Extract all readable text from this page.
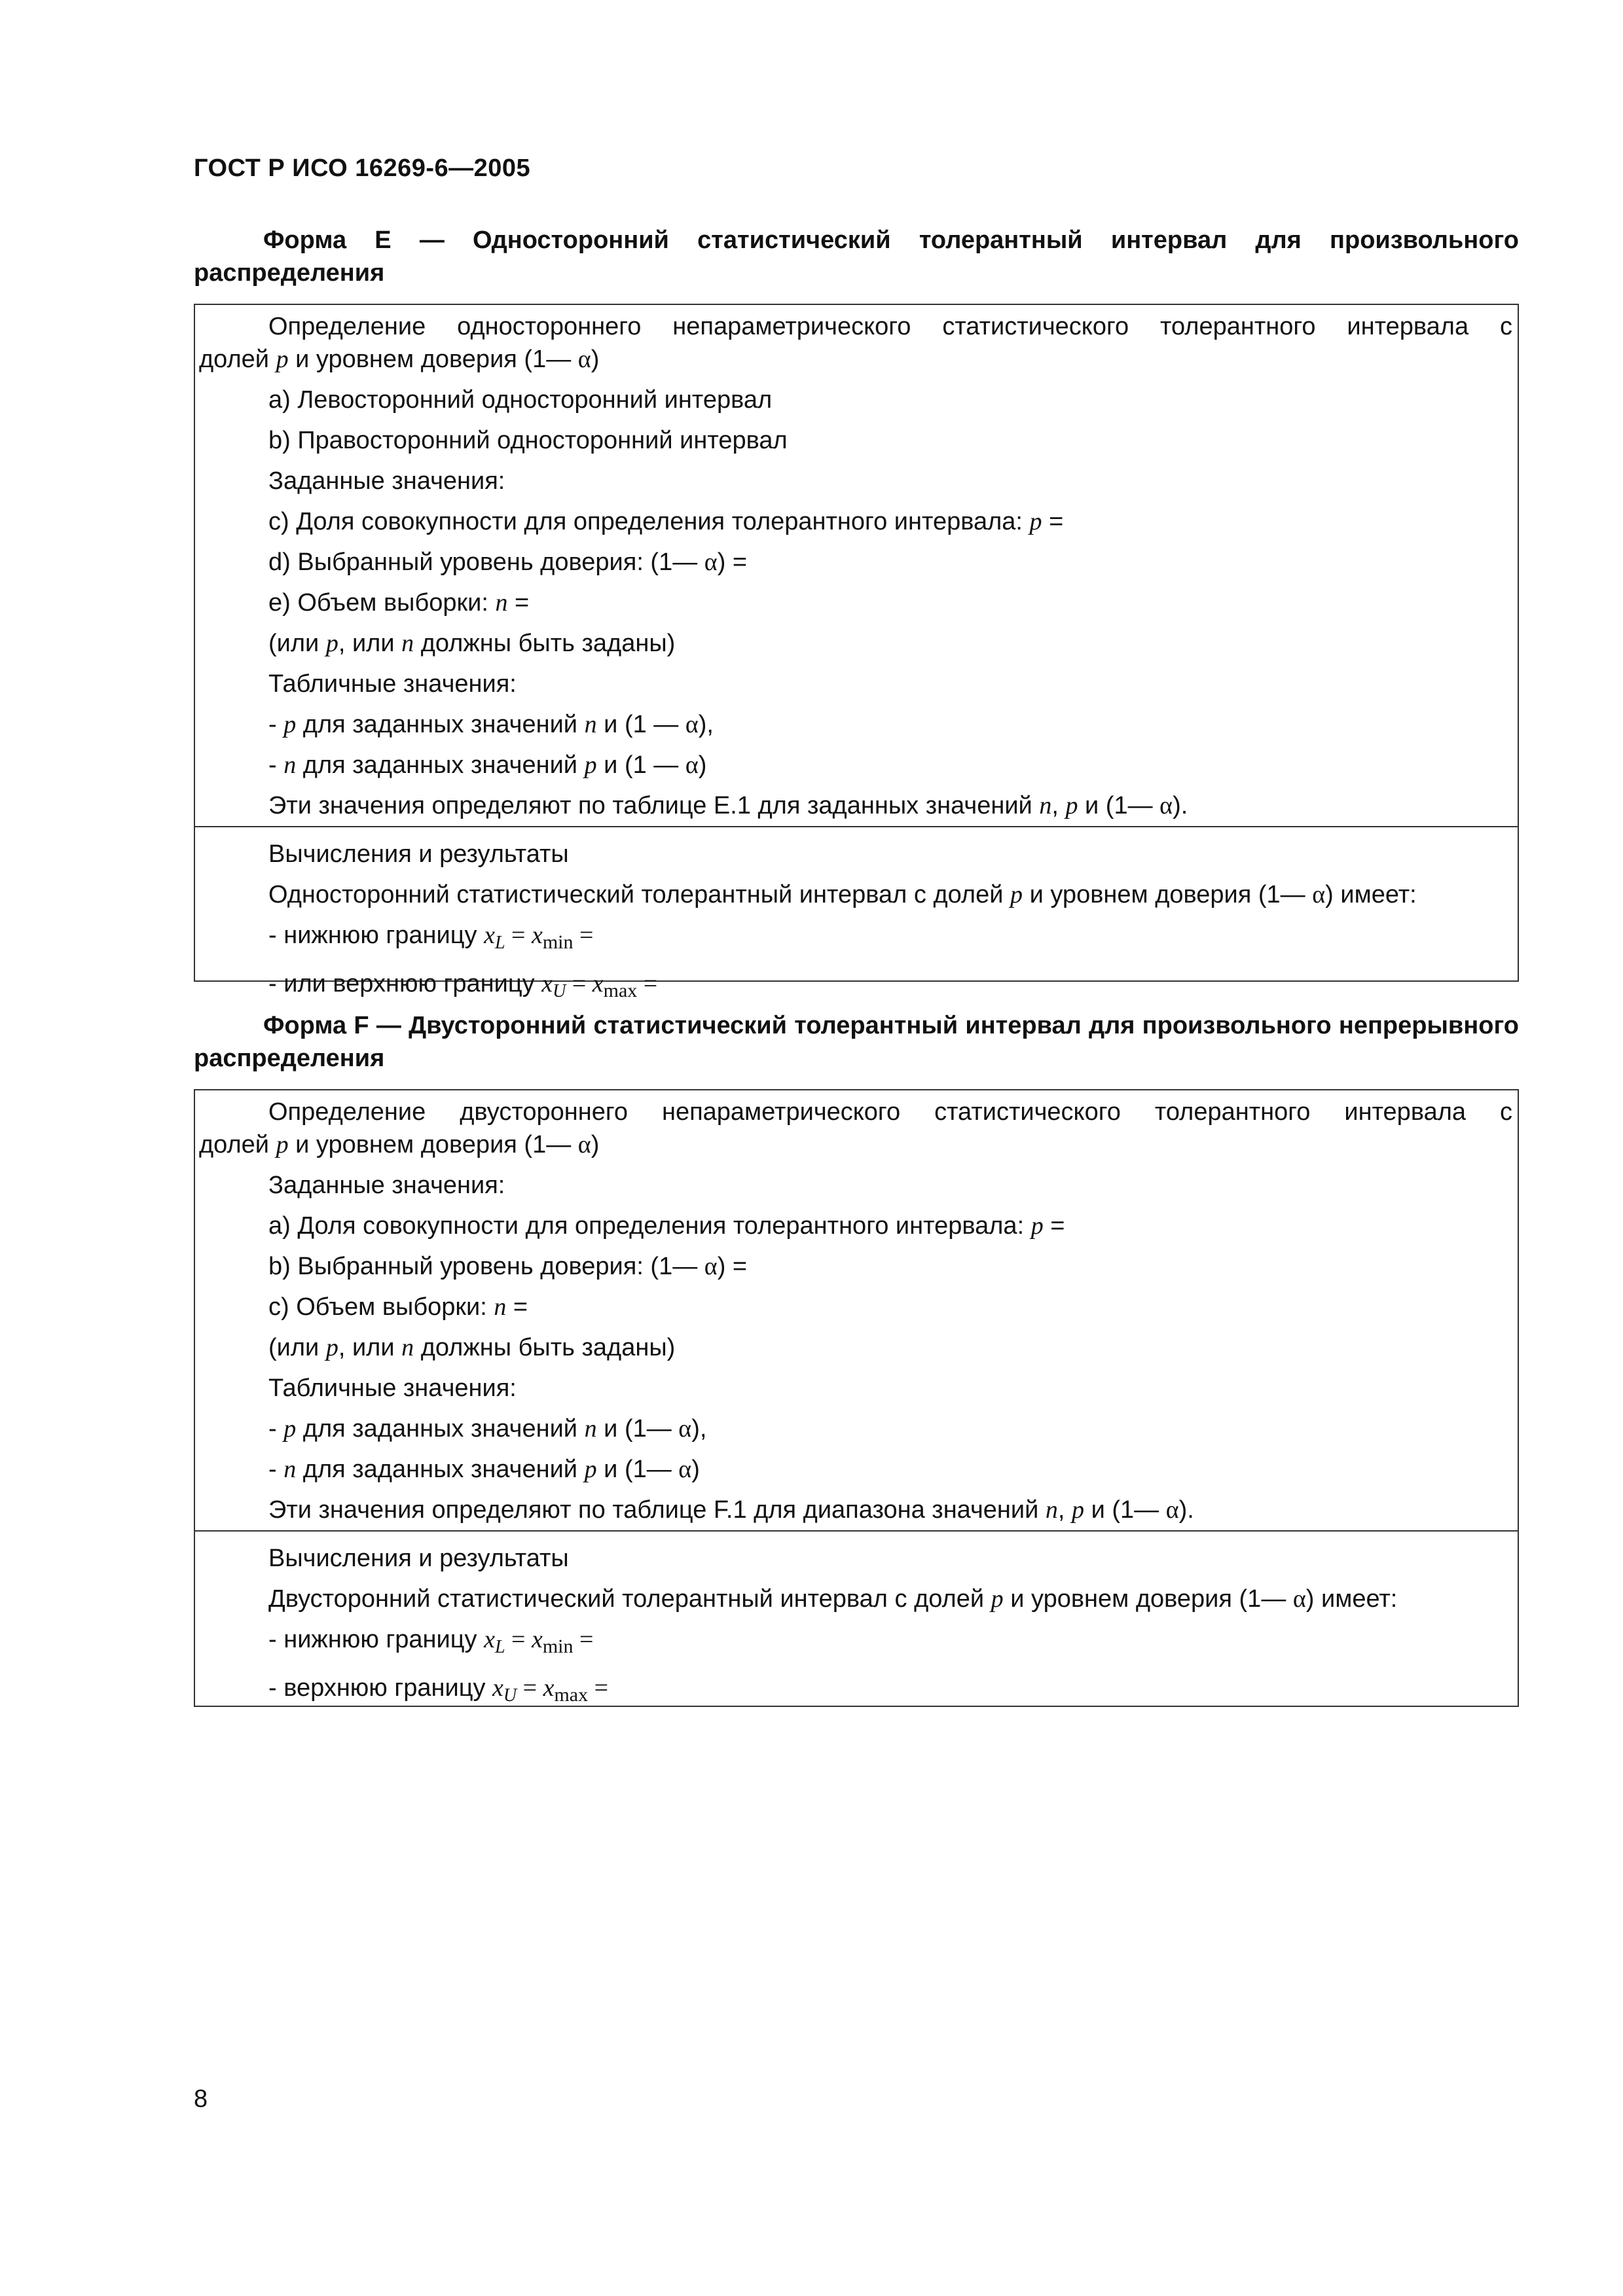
ГОСТ Р ИСО 16269-6—2005
Форма Е — Односторонний статистический толерантный интервал для произвольного распределения
Определение одностороннего непараметрического статистического толерантного интервала с
долей p и уровнем доверия (1— α)
a) Левосторонний односторонний интервал
b) Правосторонний односторонний интервал
Заданные значения:
c) Доля совокупности для определения толерантного интервала: p =
d) Выбранный уровень доверия: (1— α) =
e) Объем выборки: n =
(или p, или n должны быть заданы)
Табличные значения:
- p для заданных значений n и (1 — α),
- n для заданных значений p и (1 — α)
Эти значения определяют по таблице Е.1 для заданных значений n, p и (1— α).
Вычисления и результаты
Односторонний статистический толерантный интервал с долей p и уровнем доверия (1— α) имеет:
- нижнюю границу $x_L = x_{min}$ =
- или верхнюю границу $x_U = x_{max}$ =
Форма F — Двусторонний статистический толерантный интервал для произвольного непрерывного распределения
Определение двустороннего непараметрического статистического толерантного интервала с
долей p и уровнем доверия (1— α)
Заданные значения:
a) Доля совокупности для определения толерантного интервала: p =
b) Выбранный уровень доверия: (1— α) =
c) Объем выборки: n =
(или p, или n должны быть заданы)
Табличные значения:
- p для заданных значений n и (1— α),
- n для заданных значений p и (1— α)
Эти значения определяют по таблице F.1 для диапазона значений n, p и (1— α).
Вычисления и результаты
Двусторонний статистический толерантный интервал с долей p и уровнем доверия (1— α) имеет:
- нижнюю границу $x_L = x_{min}$ =
- верхнюю границу $x_U = x_{max}$ =
8
